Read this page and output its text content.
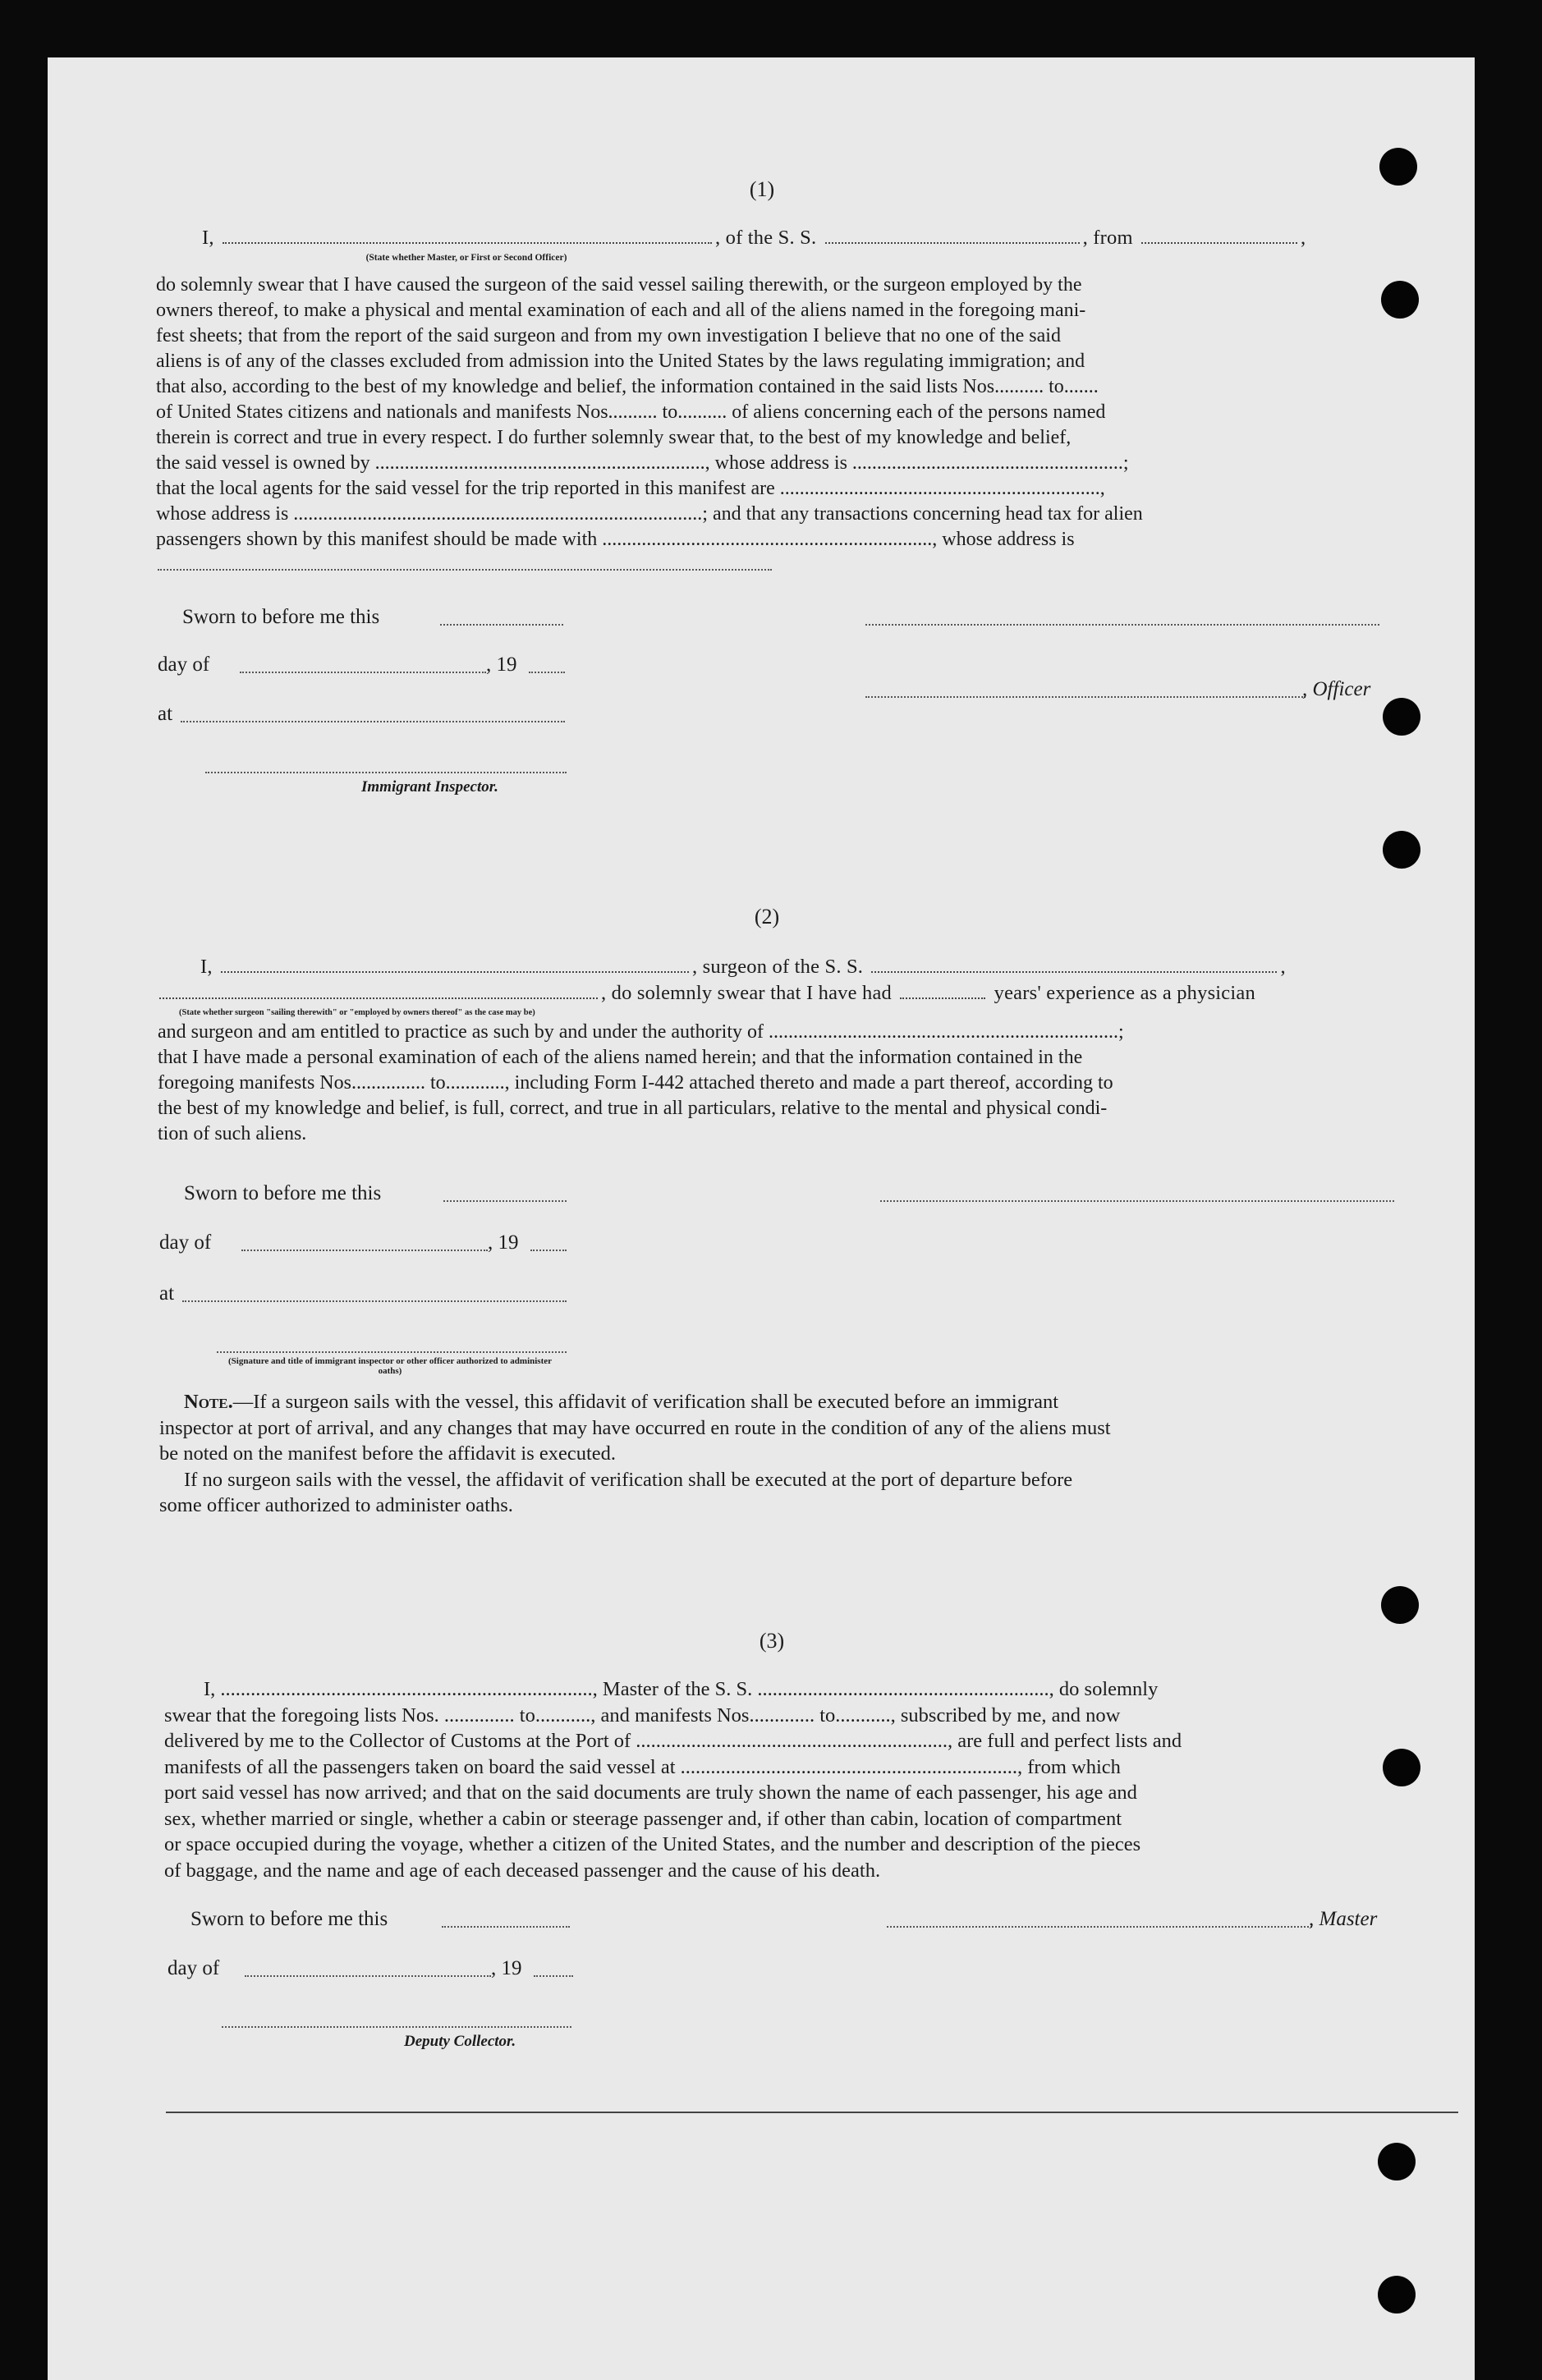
(1)
I,	, of the S. S.	, from	,
(State whether Master, or First or Second Officer)
do solemnly swear that I have caused the surgeon of the said vessel sailing therewith, or the surgeon employed by the
owners thereof, to make a physical and mental examination of each and all of the aliens named in the foregoing mani-
fest sheets; that from the report of the said surgeon and from my own investigation I believe that no one of the said
aliens is of any of the classes excluded from admission into the United States by the laws regulating immigration; and
that also, according to the best of my knowledge and belief, the information contained in the said lists Nos.......... to.......
of United States citizens and nationals and manifests Nos.......... to.......... of aliens concerning each of the persons named
therein is correct and true in every respect. I do further solemnly swear that, to the best of my knowledge and belief,
the said vessel is owned by ..................................................................., whose address is .......................................................;
that the local agents for the said vessel for the trip reported in this manifest are .................................................................,
whose address is ...................................................................................; and that any transactions concerning head tax for alien
passengers shown by this manifest should be made with ..................................................................., whose address is
Sworn to before me this
day of	, 19
, Officer
at
Immigrant Inspector.
(2)
I,	, surgeon of the S. S.	,
, do solemnly swear that I have had	years' experience as a physician
(State whether surgeon "sailing therewith" or "employed by owners thereof" as the case may be)
and surgeon and am entitled to practice as such by and under the authority of .......................................................................;
that I have made a personal examination of each of the aliens named herein; and that the information contained in the
foregoing manifests Nos............... to............, including Form I-442 attached thereto and made a part thereof, according to
the best of my knowledge and belief, is full, correct, and true in all particulars, relative to the mental and physical condi-
tion of such aliens.
Sworn to before me this
day of	, 19
at
(Signature and title of immigrant inspector or other officer authorized to administer oaths)
Note.—If a surgeon sails with the vessel, this affidavit of verification shall be executed before an immigrant
inspector at port of arrival, and any changes that may have occurred en route in the condition of any of the aliens must
be noted on the manifest before the affidavit is executed.
If no surgeon sails with the vessel, the affidavit of verification shall be executed at the port of departure before
some officer authorized to administer oaths.
(3)
I, .........................................................................., Master of the S. S. .........................................................., do solemnly
swear that the foregoing lists Nos. .............. to..........., and manifests Nos............. to..........., subscribed by me, and now
delivered by me to the Collector of Customs at the Port of .............................................................., are full and perfect lists and
manifests of all the passengers taken on board the said vessel at ..................................................................., from which
port said vessel has now arrived; and that on the said documents are truly shown the name of each passenger, his age and
sex, whether married or single, whether a cabin or steerage passenger and, if other than cabin, location of compartment
or space occupied during the voyage, whether a citizen of the United States, and the number and description of the pieces
of baggage, and the name and age of each deceased passenger and the cause of his death.
Sworn to before me this	, Master
day of	, 19
Deputy Collector.
